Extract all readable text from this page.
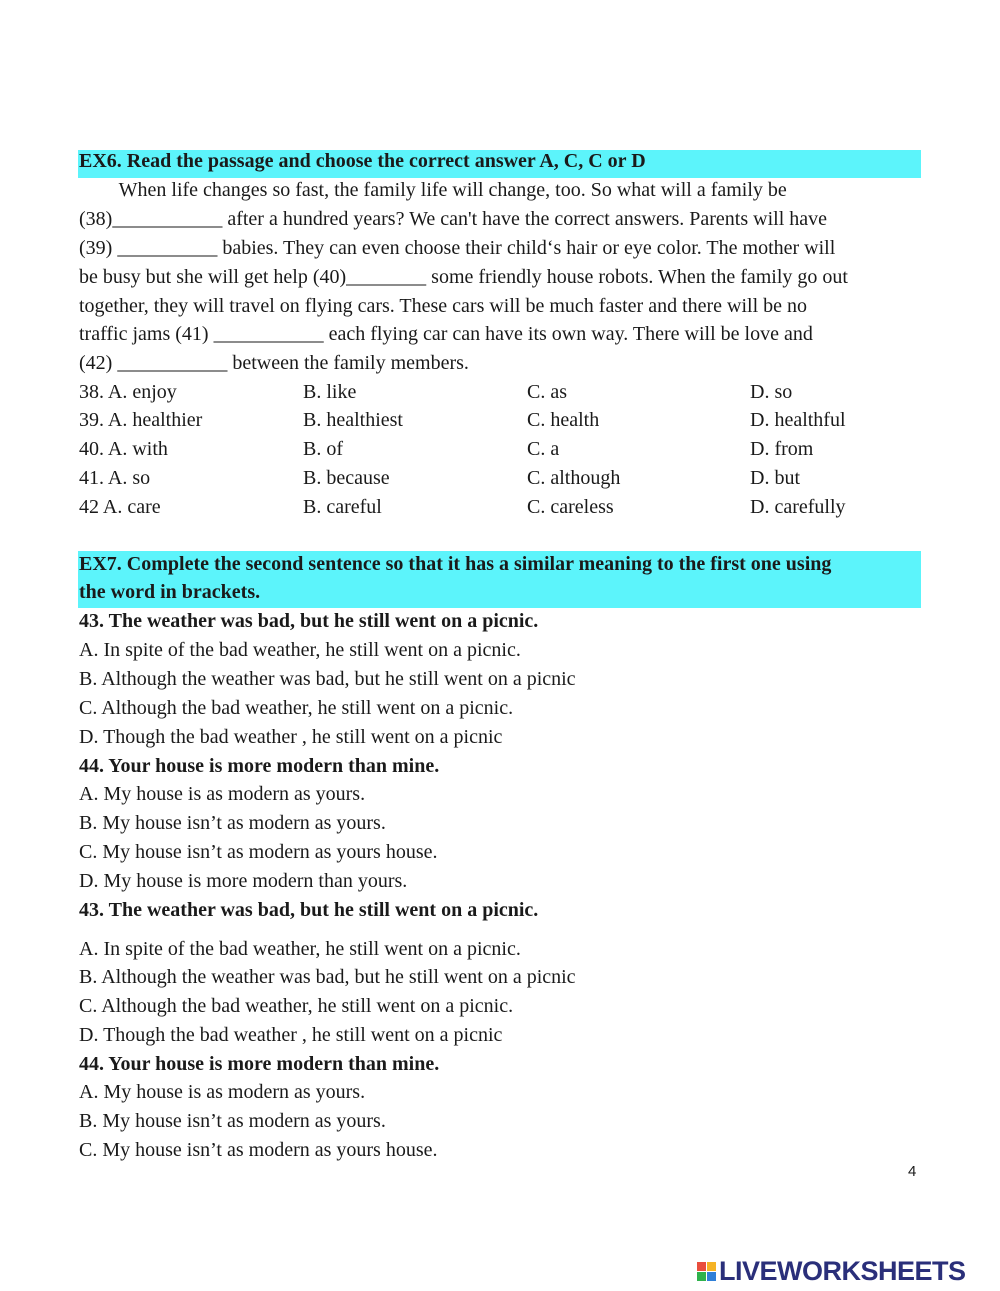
EX6. Read the passage and choose the correct answer A, C, C or D
When life changes so fast, the family life will change, too. So what will a family be
(38)___________ after a hundred years? We can't have the correct answers. Parents will have
(39) __________ babies. They can even choose their child‘s hair or eye color. The mother will
be busy but she will get help (40)________ some friendly house robots. When the family go out
together, they will travel on flying cars. These cars will be much faster and there will be no
traffic jams (41) ___________ each flying car can have its own way. There will be love and
(42) ___________ between the family members.
38. A. enjoy	B. like	C. as	D. so
39. A. healthier	B. healthiest	C. health	D. healthful
40. A. with	B. of	C. a	D. from
41. A. so	B. because	C. although	D. but
42 A. care	B. careful	C. careless	D. carefully
EX7. Complete the second sentence so that it has a similar meaning to the first one using
the word in brackets.
43. The weather was bad, but he still went on a picnic.
A. In spite of the bad weather, he still went on a picnic.
B. Although the weather was bad, but he still went on a picnic
C. Although the bad weather, he still went on a picnic.
D. Though the bad weather , he still went on a picnic
44. Your house is more modern than mine.
A. My house is as modern as yours.
B. My house isn’t as modern as yours.
C. My house isn’t as modern as yours house.
D. My house is more modern than yours.
43. The weather was bad, but he still went on a picnic.
A. In spite of the bad weather, he still went on a picnic.
B. Although the weather was bad, but he still went on a picnic
C. Although the bad weather, he still went on a picnic.
D. Though the bad weather , he still went on a picnic
44. Your house is more modern than mine.
A. My house is as modern as yours.
B. My house isn’t as modern as yours.
C. My house isn’t as modern as yours house.
4
LIVEWORKSHEETS
